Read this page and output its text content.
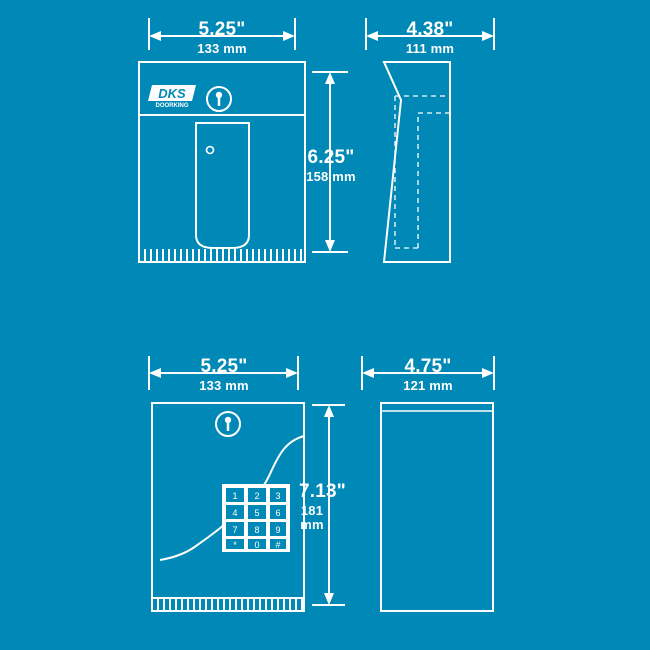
1 2 3
4 5 6
7 8 9
* 0 #
DKS
DOORKING
5.25"
133 mm
4.38"
111 mm
6.25"
158 mm
5.25"
133 mm
4.75"
121 mm
7.13"
181 mm
